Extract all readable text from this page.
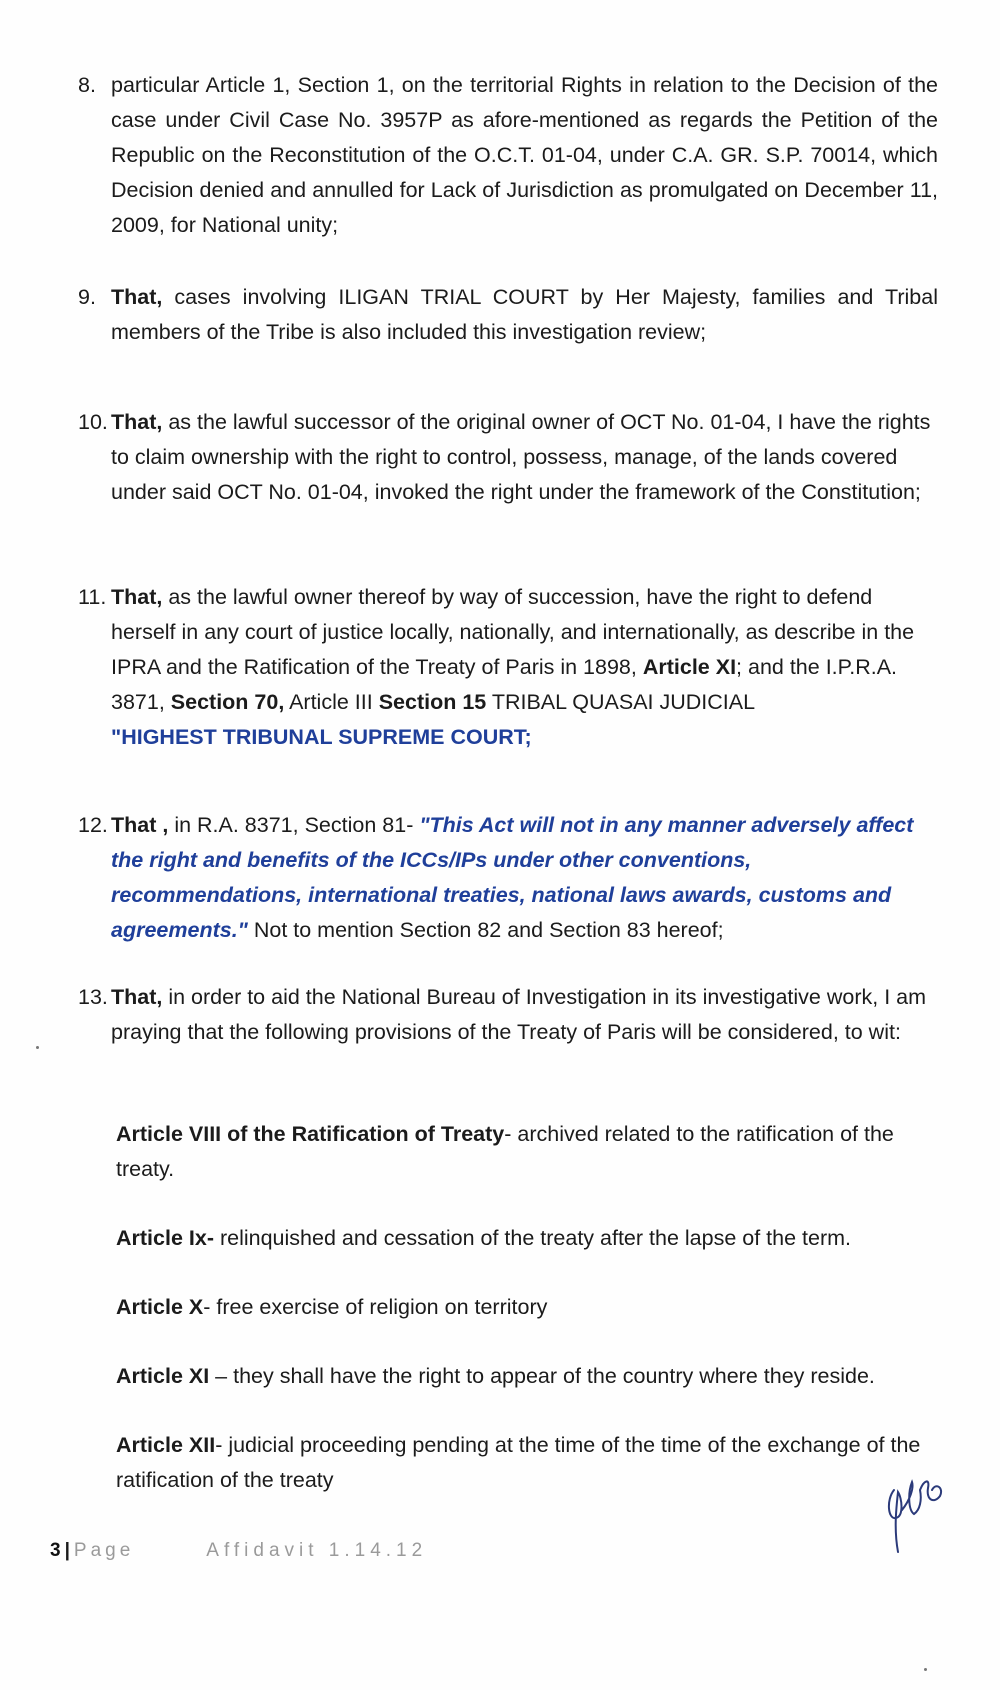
8. particular Article 1, Section 1, on the territorial Rights in relation to the Decision of the case under Civil Case No. 3957P as afore-mentioned as regards the Petition of the Republic on the Reconstitution of the O.C.T. 01-04, under C.A. GR. S.P. 70014, which Decision denied and annulled for Lack of Jurisdiction as promulgated on December 11, 2009, for National unity;
9. That, cases involving ILIGAN TRIAL COURT by Her Majesty, families and Tribal members of the Tribe is also included this investigation review;
10. That, as the lawful successor of the original owner of OCT No. 01-04, I have the rights to claim ownership with the right to control, possess, manage, of the lands covered under said OCT No. 01-04, invoked the right under the framework of the Constitution;
11. That, as the lawful owner thereof by way of succession, have the right to defend herself in any court of justice locally, nationally, and internationally, as describe in the IPRA and the Ratification of the Treaty of Paris in 1898, Article XI; and the I.P.R.A. 3871, Section 70, Article III Section 15 TRIBAL QUASAI JUDICIAL
"HIGHEST TRIBUNAL SUPREME COURT;
12. That , in R.A. 8371, Section 81- "This Act will not in any manner adversely affect the right and benefits of the ICCs/IPs under other conventions, recommendations, international treaties, national laws awards, customs and agreements." Not to mention Section 82 and Section 83 hereof;
13. That, in order to aid the National Bureau of Investigation in its investigative work, I am praying that the following provisions of the Treaty of Paris will be considered, to wit:
Article VIII of the Ratification of Treaty- archived related to the ratification of the treaty.
Article Ix- relinquished and cessation of the treaty after the lapse of the term.
Article X- free exercise of religion on territory
Article XI – they shall have the right to appear of the country where they reside.
Article XII- judicial proceeding pending at the time of the time of the exchange of the ratification of the treaty
3 | Page	Affidavit 1.14.12
